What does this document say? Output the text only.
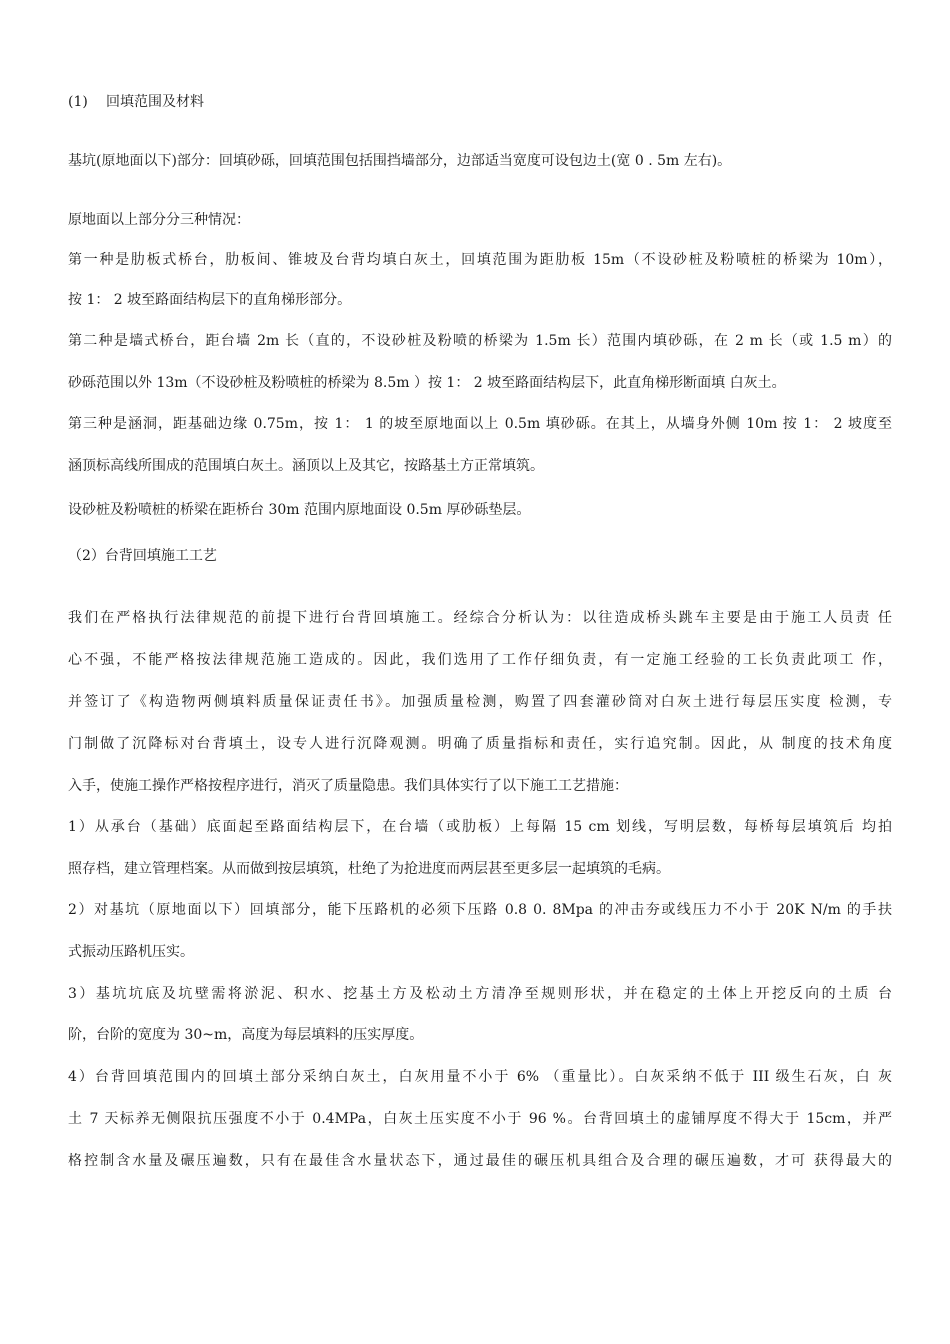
(1) 回填范围及材料
基坑(原地面以下)部分：回填砂砾，回填范围包括围挡墙部分，边部适当宽度可设包边土(宽 0 . 5m 左右)。
原地面以上部分分三种情况：
第一种是肋板式桥台，肋板间、锥坡及台背均填白灰土，回填范围为距肋板 15m（不设砂桩及粉喷桩的桥梁为 10m），
按 1： 2 坡至路面结构层下的直角梯形部分。
第二种是墙式桥台，距台墙 2m 长（直的，不设砂桩及粉喷的桥梁为 1.5m 长）范围内填砂砾，在 2 m 长（或 1.5 m）的
砂砾范围以外 13m（不设砂桩及粉喷桩的桥梁为 8.5m ）按 1： 2 坡至路面结构层下，此直角梯形断面填 白灰土。
第三种是涵洞，距基础边缘 0.75m，按 1： 1 的坡至原地面以上 0.5m 填砂砾。在其上，从墙身外侧 10m 按 1： 2 坡度至
涵顶标高线所围成的范围填白灰土。涵顶以上及其它，按路基土方正常填筑。
设砂桩及粉喷桩的桥梁在距桥台 30m 范围内原地面设 0.5m 厚砂砾垫层。
（2）台背回填施工工艺
我们在严格执行法律规范的前提下进行台背回填施工。经综合分析认为：以往造成桥头跳车主要是由于施工人员责 任
心不强，不能严格按法律规范施工造成的。因此，我们选用了工作仔细负责，有一定施工经验的工长负责此项工 作，
并签订了《构造物两侧填料质量保证责任书》。加强质量检测，购置了四套灌砂筒对白灰土进行每层压实度 检测，专
门制做了沉降标对台背填土，设专人进行沉降观测。明确了质量指标和责任，实行追究制。因此，从 制度的技术角度
入手，使施工操作严格按程序进行，消灭了质量隐患。我们具体实行了以下施工工艺措施：
1）从承台（基础）底面起至路面结构层下，在台墙（或肋板）上每隔 15 cm 划线，写明层数，每桥每层填筑后 均拍
照存档，建立管理档案。从而做到按层填筑，杜绝了为抢进度而两层甚至更多层一起填筑的毛病。
2）对基坑（原地面以下）回填部分，能下压路机的必须下压路 0.8 0. 8Mpa 的冲击夯或线压力不小于 20K N/m 的手扶
式振动压路机压实。
3）基坑坑底及坑壁需将淤泥、积水、挖基土方及松动土方清净至规则形状，并在稳定的土体上开挖反向的土质 台
阶，台阶的宽度为 30~m，高度为每层填料的压实厚度。
4）台背回填范围内的回填土部分采纳白灰土，白灰用量不小于 6% （重量比）。白灰采纳不低于 III 级生石灰，白 灰
土 7 天标养无侧限抗压强度不小于 0.4MPa，白灰土压实度不小于 96 %。台背回填土的虚铺厚度不得大于 15cm，并严
格控制含水量及碾压遍数，只有在最佳含水量状态下，通过最佳的碾压机具组合及合理的碾压遍数，才可 获得最大的
